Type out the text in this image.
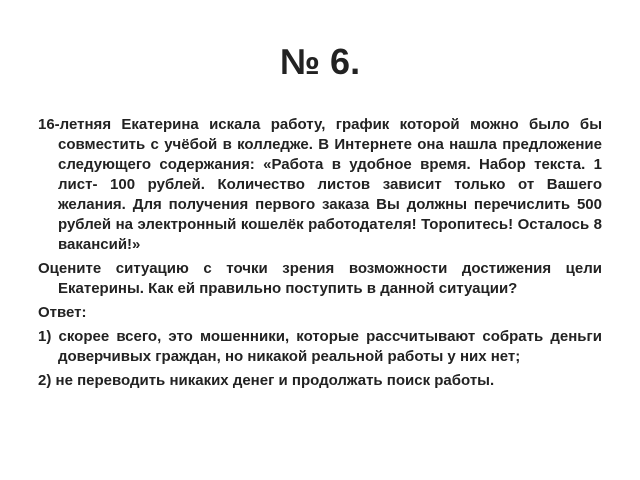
№ 6.

16-летняя Екатерина искала работу, график которой можно было бы совместить с учёбой в колледже. В Интернете она нашла предложение следующего содержания: «Работа в удобное время. Набор текста. 1 лист- 100 рублей. Количество листов зависит только от Вашего желания. Для получения первого заказа Вы должны перечислить 500 рублей на электронный кошелёк работодателя! Торопитесь! Осталось 8 вакансий!»

Оцените ситуацию с точки зрения возможности достижения цели Екатерины. Как ей правильно поступить в данной ситуации?

Ответ:

1) скорее всего, это мошенники, которые рассчитывают собрать деньги доверчивых граждан, но никакой реальной работы у них нет;

2) не переводить никаких денег и продолжать поиск работы.
